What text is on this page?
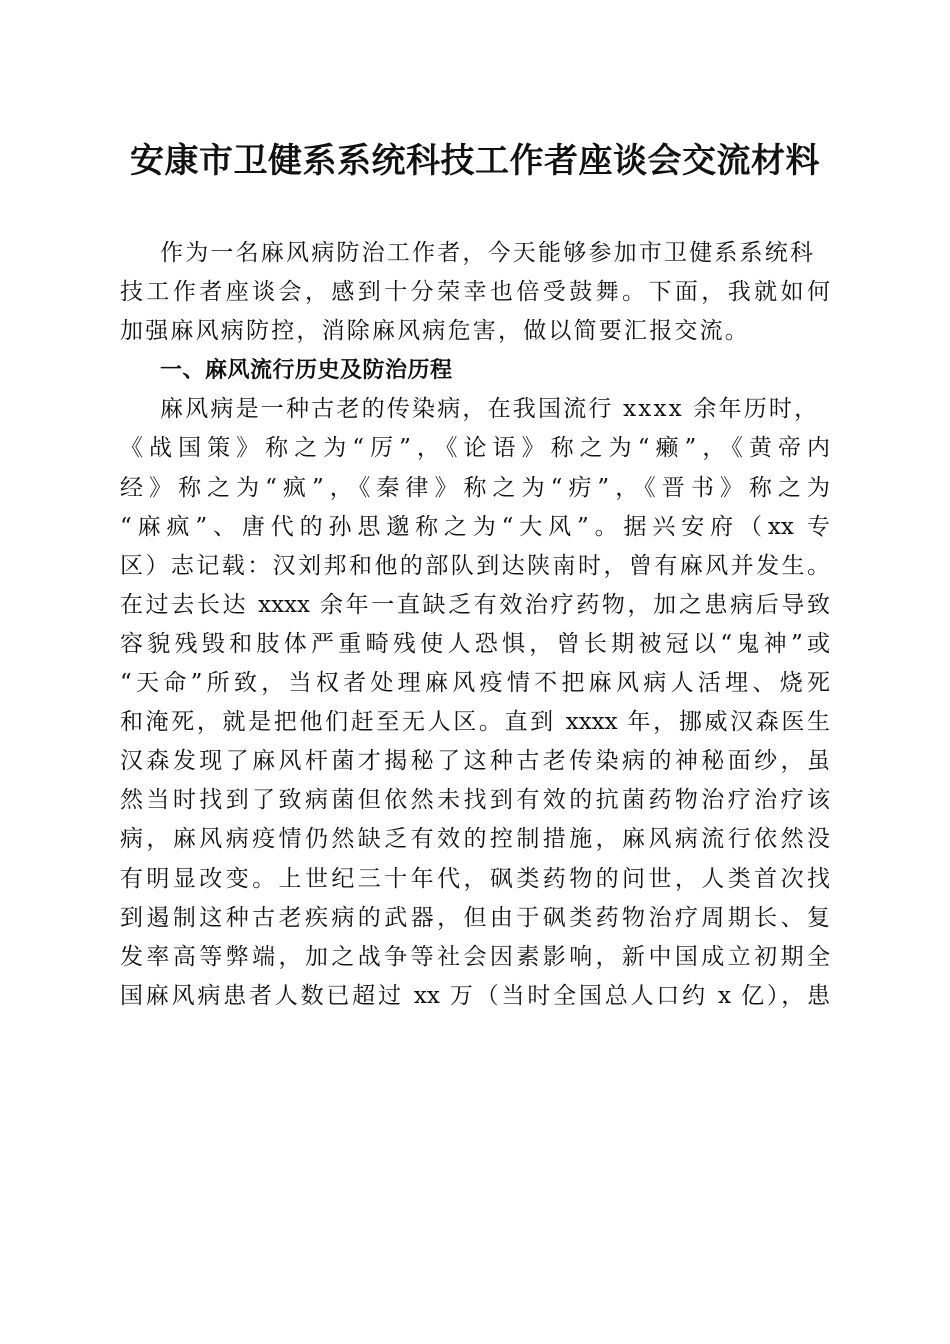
安康市卫健系系统科技工作者座谈会交流材料
作为一名麻风病防治工作者，今天能够参加市卫健系系统科
技工作者座谈会，感到十分荣幸也倍受鼓舞。下面，我就如何
加强麻风病防控，消除麻风病危害，做以简要汇报交流。
一、麻风流行历史及防治历程
麻风病是一种古老的传染病，在我国流行 xxxx 余年历时，
《战国策》称之为“厉”，《论语》称之为“癞”，《黄帝内
经》称之为“疯”，《秦律》称之为“疠”，《晋书》称之为
“麻疯”、唐代的孙思邈称之为“大风”。据兴安府（xx 专
区）志记载：汉刘邦和他的部队到达陕南时，曾有麻风并发生。
在过去长达 xxxx 余年一直缺乏有效治疗药物，加之患病后导致
容貌残毁和肢体严重畸残使人恐惧，曾长期被冠以“鬼神”或
“天命”所致，当权者处理麻风疫情不把麻风病人活埋、烧死
和淹死，就是把他们赶至无人区。直到 xxxx 年，挪威汉森医生
汉森发现了麻风杆菌才揭秘了这种古老传染病的神秘面纱，虽
然当时找到了致病菌但依然未找到有效的抗菌药物治疗治疗该
病，麻风病疫情仍然缺乏有效的控制措施，麻风病流行依然没
有明显改变。上世纪三十年代，砜类药物的问世，人类首次找
到遏制这种古老疾病的武器，但由于砜类药物治疗周期长、复
发率高等弊端，加之战争等社会因素影响，新中国成立初期全
国麻风病患者人数已超过 xx 万（当时全国总人口约 x 亿），患
